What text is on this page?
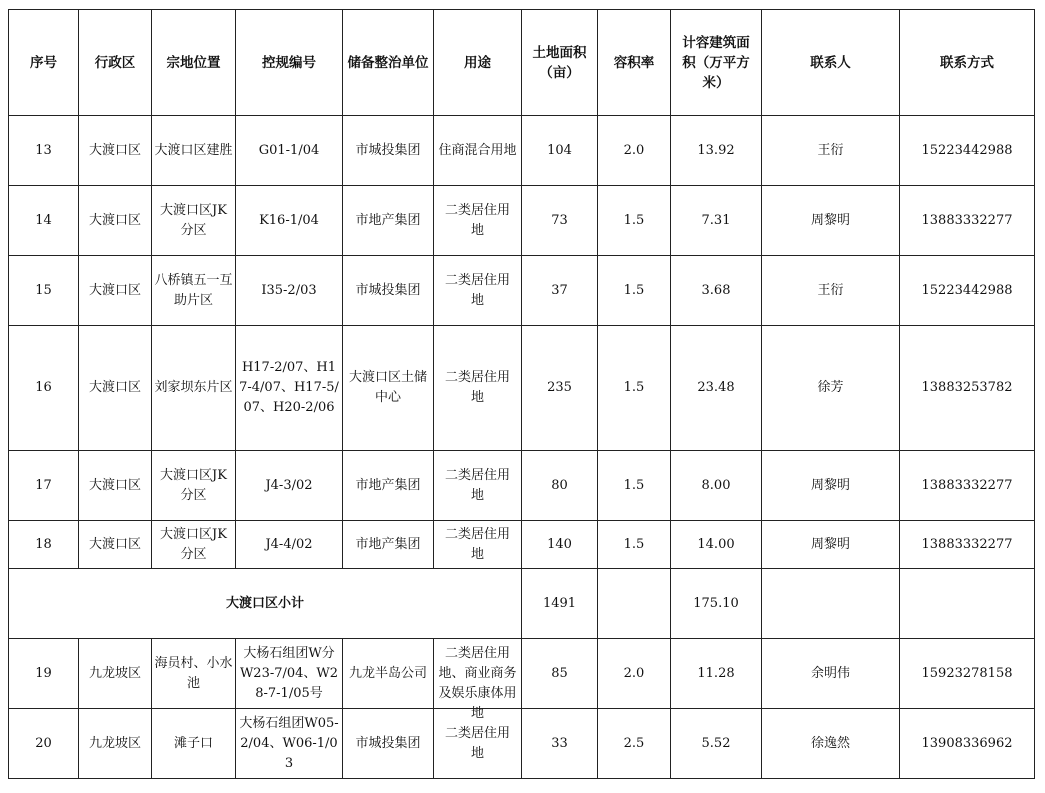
序号	行政区	宗地位置	控规编号	储备整治单位	用途	土地面积（亩）	容积率	计容建筑面积（万平方米）	联系人	联系方式
13	大渡口区	大渡口区建胜	G01-1/04	市城投集团	住商混合用地	104	2.0	13.92	王衍	15223442988
14	大渡口区	大渡口区JK分区	K16-1/04	市地产集团	二类居住用地	73	1.5	7.31	周黎明	13883332277
15	大渡口区	八桥镇五一互助片区	I35-2/03	市城投集团	二类居住用地	37	1.5	3.68	王衍	15223442988
16	大渡口区	刘家坝东片区	H17-2/07、H17-4/07、H17-5/07、H20-2/06	大渡口区土储中心	二类居住用地	235	1.5	23.48	徐芳	13883253782
17	大渡口区	大渡口区JK分区	J4-3/02	市地产集团	二类居住用地	80	1.5	8.00	周黎明	13883332277
18	大渡口区	大渡口区JK分区	J4-4/02	市地产集团	二类居住用地	140	1.5	14.00	周黎明	13883332277
大渡口区小计						1491		175.10		
19	九龙坡区	海员村、小水池	大杨石组团W分W23-7/04、W28-7-1/05号	九龙半岛公司	二类居住用地、商业商务及娱乐康体用地	85	2.0	11.28	余明伟	15923278158
20	九龙坡区	滩子口	大杨石组团W05-2/04、W06-1/03	市城投集团	二类居住用地	33	2.5	5.52	徐逸然	13908336962
